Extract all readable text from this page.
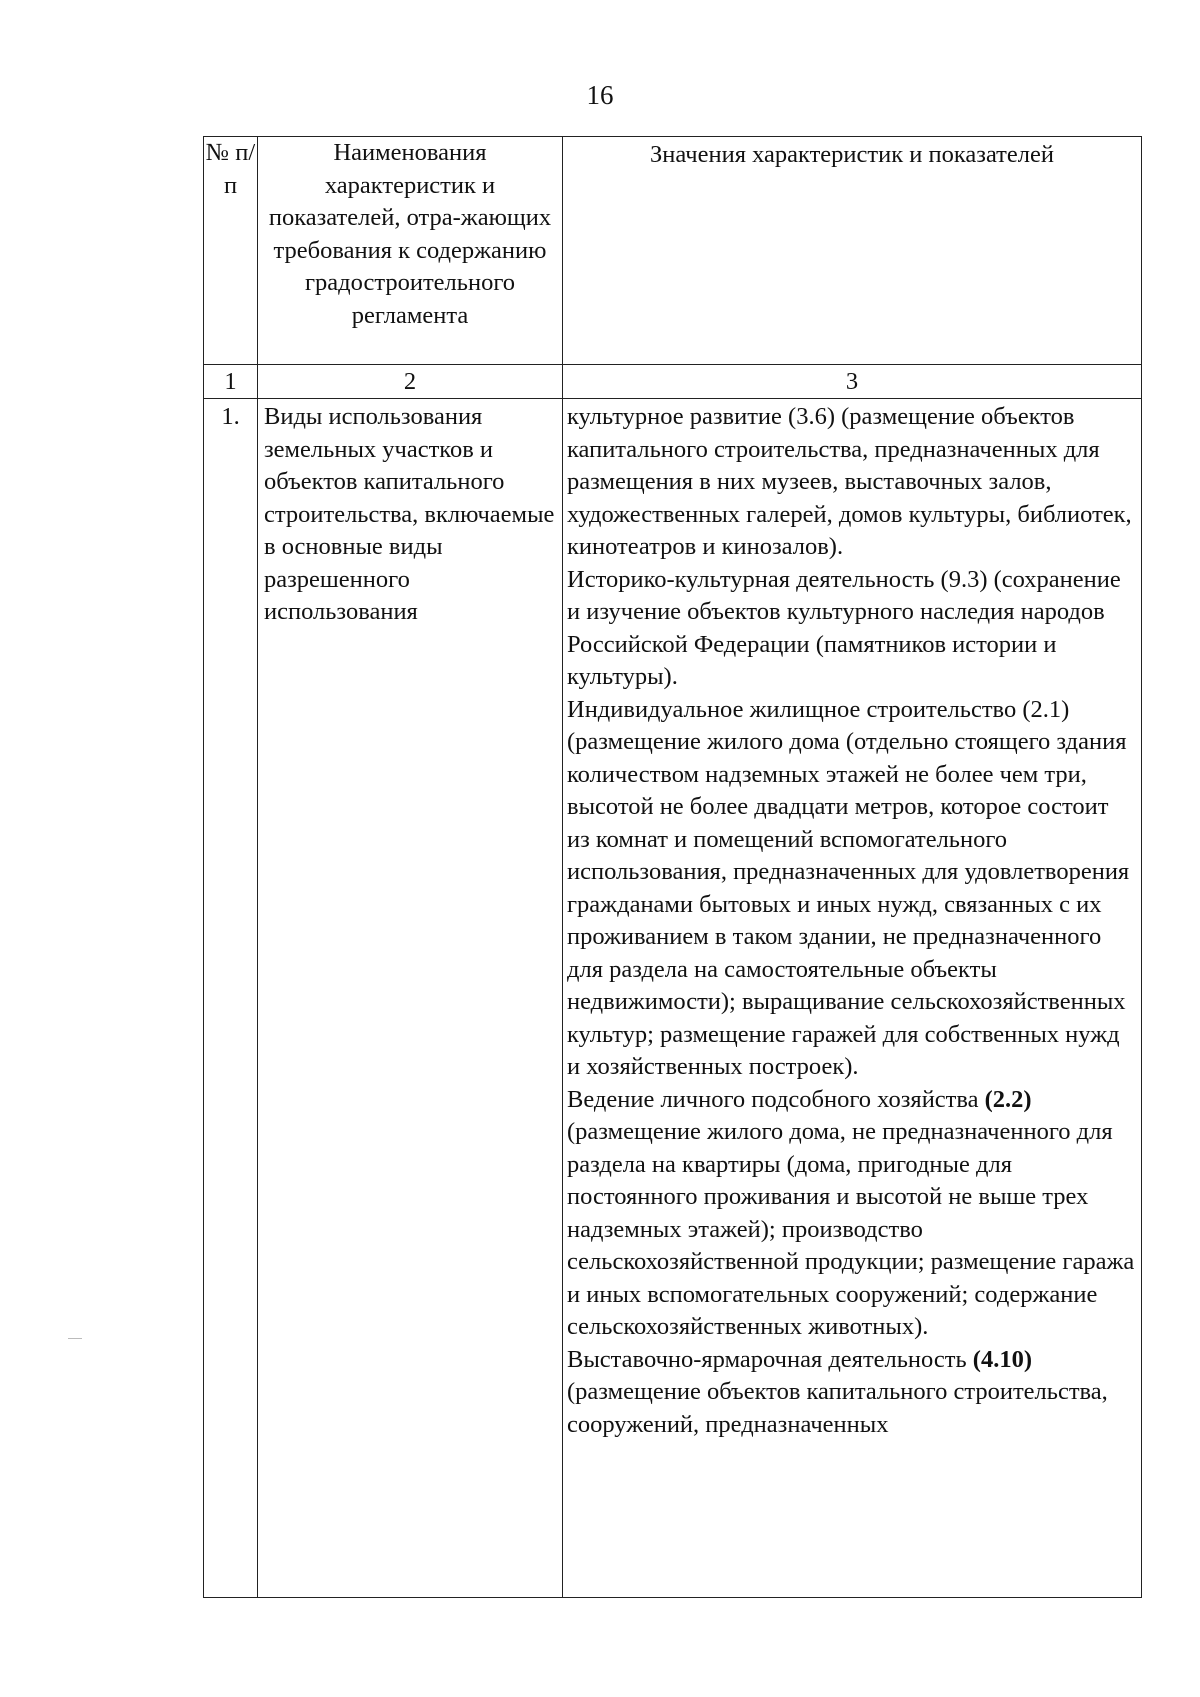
16
№ п/п	Наименования характеристик и показателей, отра-жающих требования к содержанию градостроительного регламента	Значения характеристик и показателей
1	2	3
1.	Виды использования земельных участков и объектов капитального строительства, включаемые в основные виды разрешенного использования	культурное развитие (3.6) (размещение объектов капитального строительства, предназначенных для размещения в них музеев, выставочных залов, художественных галерей, домов культуры, библиотек, кинотеатров и кинозалов).
Историко-культурная деятельность (9.3) (сохранение и изучение объектов культурного наследия народов Российской Федерации (памятников истории и культуры).
Индивидуальное жилищное строительство (2.1) (размещение жилого дома (отдельно стоящего здания количеством надземных этажей не более чем три, высотой не более двадцати метров, которое состоит из комнат и помещений вспомогательного использования, предназначенных для удовлетворения гражданами бытовых и иных нужд, связанных с их проживанием в таком здании, не предназначенного для раздела на самостоятельные объекты недвижимости); выращивание сельскохозяйственных культур; размещение гаражей для собственных нужд и хозяйственных построек).
Ведение личного подсобного хозяйства (2.2) (размещение жилого дома, не предназначенного для раздела на квартиры (дома, пригодные для постоянного проживания и высотой не выше трех надземных этажей); производство сельскохозяйственной продукции; размещение гаража и иных вспомогательных сооружений; содержание сельскохозяйственных животных).
Выставочно-ярмарочная деятельность (4.10) (размещение объектов капитального строительства, сооружений, предназначенных
